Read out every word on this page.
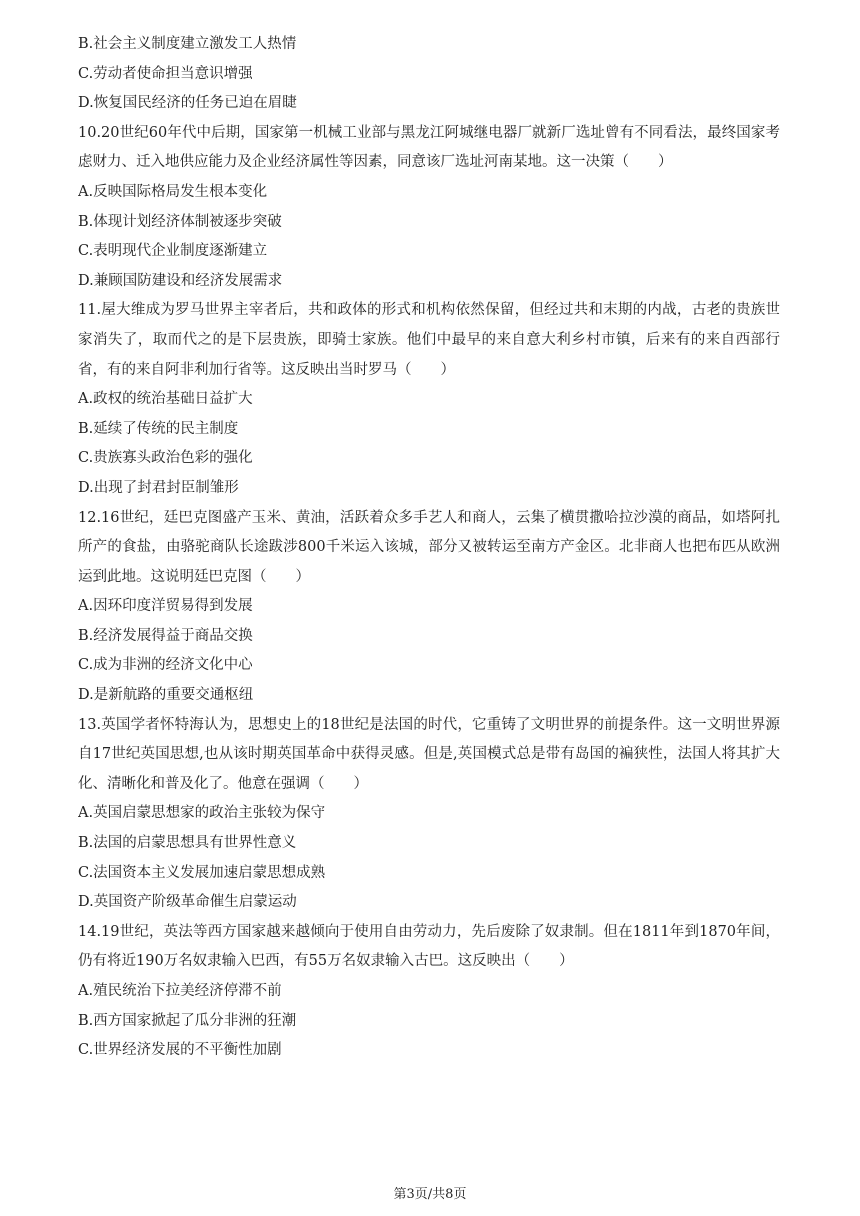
B.社会主义制度建立激发工人热情
C.劳动者使命担当意识增强
D.恢复国民经济的任务已迫在眉睫
10.20世纪60年代中后期，国家第一机械工业部与黑龙江阿城继电器厂就新厂选址曾有不同看法，最终国家考虑财力、迁入地供应能力及企业经济属性等因素，同意该厂选址河南某地。这一决策（　　）
A.反映国际格局发生根本变化
B.体现计划经济体制被逐步突破
C.表明现代企业制度逐渐建立
D.兼顾国防建设和经济发展需求
11.屋大维成为罗马世界主宰者后，共和政体的形式和机构依然保留，但经过共和末期的内战，古老的贵族世家消失了，取而代之的是下层贵族，即骑士家族。他们中最早的来自意大利乡村市镇，后来有的来自西部行省，有的来自阿非利加行省等。这反映出当时罗马（　　）
A.政权的统治基础日益扩大
B.延续了传统的民主制度
C.贵族寡头政治色彩的强化
D.出现了封君封臣制雏形
12.16世纪，廷巴克图盛产玉米、黄油，活跃着众多手艺人和商人，云集了横贯撒哈拉沙漠的商品，如塔阿扎所产的食盐，由骆驼商队长途跋涉800千米运入该城，部分又被转运至南方产金区。北非商人也把布匹从欧洲运到此地。这说明廷巴克图（　　）
A.因环印度洋贸易得到发展
B.经济发展得益于商品交换
C.成为非洲的经济文化中心
D.是新航路的重要交通枢纽
13.英国学者怀特海认为，思想史上的18世纪是法国的时代，它重铸了文明世界的前提条件。这一文明世界源自17世纪英国思想,也从该时期英国革命中获得灵感。但是,英国模式总是带有岛国的褊狭性，法国人将其扩大化、清晰化和普及化了。他意在强调（　　）
A.英国启蒙思想家的政治主张较为保守
B.法国的启蒙思想具有世界性意义
C.法国资本主义发展加速启蒙思想成熟
D.英国资产阶级革命催生启蒙运动
14.19世纪，英法等西方国家越来越倾向于使用自由劳动力，先后废除了奴隶制。但在1811年到1870年间，仍有将近190万名奴隶输入巴西，有55万名奴隶输入古巴。这反映出（　　）
A.殖民统治下拉美经济停滞不前
B.西方国家掀起了瓜分非洲的狂潮
C.世界经济发展的不平衡性加剧
第3页/共8页
